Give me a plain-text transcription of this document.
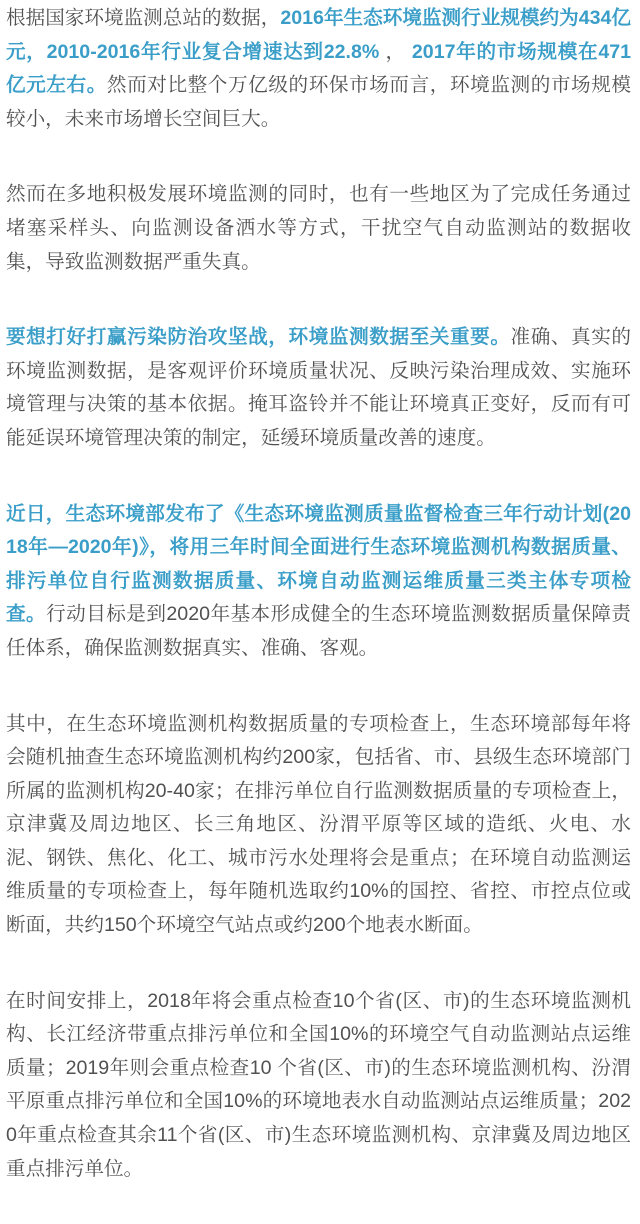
根据国家环境监测总站的数据，2016年生态环境监测行业规模约为434亿元，2010-2016年行业复合增速达到22.8% ， 2017年的市场规模在471亿元左右。然而对比整个万亿级的环保市场而言，环境监测的市场规模较小，未来市场增长空间巨大。

然而在多地积极发展环境监测的同时，也有一些地区为了完成任务通过堵塞采样头、向监测设备洒水等方式，干扰空气自动监测站的数据收集，导致监测数据严重失真。

要想打好打赢污染防治攻坚战，环境监测数据至关重要。准确、真实的环境监测数据，是客观评价环境质量状况、反映污染治理成效、实施环境管理与决策的基本依据。掩耳盗铃并不能让环境真正变好，反而有可能延误环境管理决策的制定，延缓环境质量改善的速度。

近日，生态环境部发布了《生态环境监测质量监督检查三年行动计划(2018年—2020年)》，将用三年时间全面进行生态环境监测机构数据质量、排污单位自行监测数据质量、环境自动监测运维质量三类主体专项检查。行动目标是到2020年基本形成健全的生态环境监测数据质量保障责任体系，确保监测数据真实、准确、客观。

其中，在生态环境监测机构数据质量的专项检查上，生态环境部每年将会随机抽查生态环境监测机构约200家，包括省、市、县级生态环境部门所属的监测机构20-40家；在排污单位自行监测数据质量的专项检查上，京津冀及周边地区、长三角地区、汾渭平原等区域的造纸、火电、水泥、钢铁、焦化、化工、城市污水处理将会是重点；在环境自动监测运维质量的专项检查上，每年随机选取约10%的国控、省控、市控点位或断面，共约150个环境空气站点或约200个地表水断面。

在时间安排上，2018年将会重点检查10个省(区、市)的生态环境监测机构、长江经济带重点排污单位和全国10%的环境空气自动监测站点运维质量；2019年则会重点检查10 个省(区、市)的生态环境监测机构、汾渭平原重点排污单位和全国10%的环境地表水自动监测站点运维质量；2020年重点检查其余11个省(区、市)生态环境监测机构、京津冀及周边地区重点排污单位。
